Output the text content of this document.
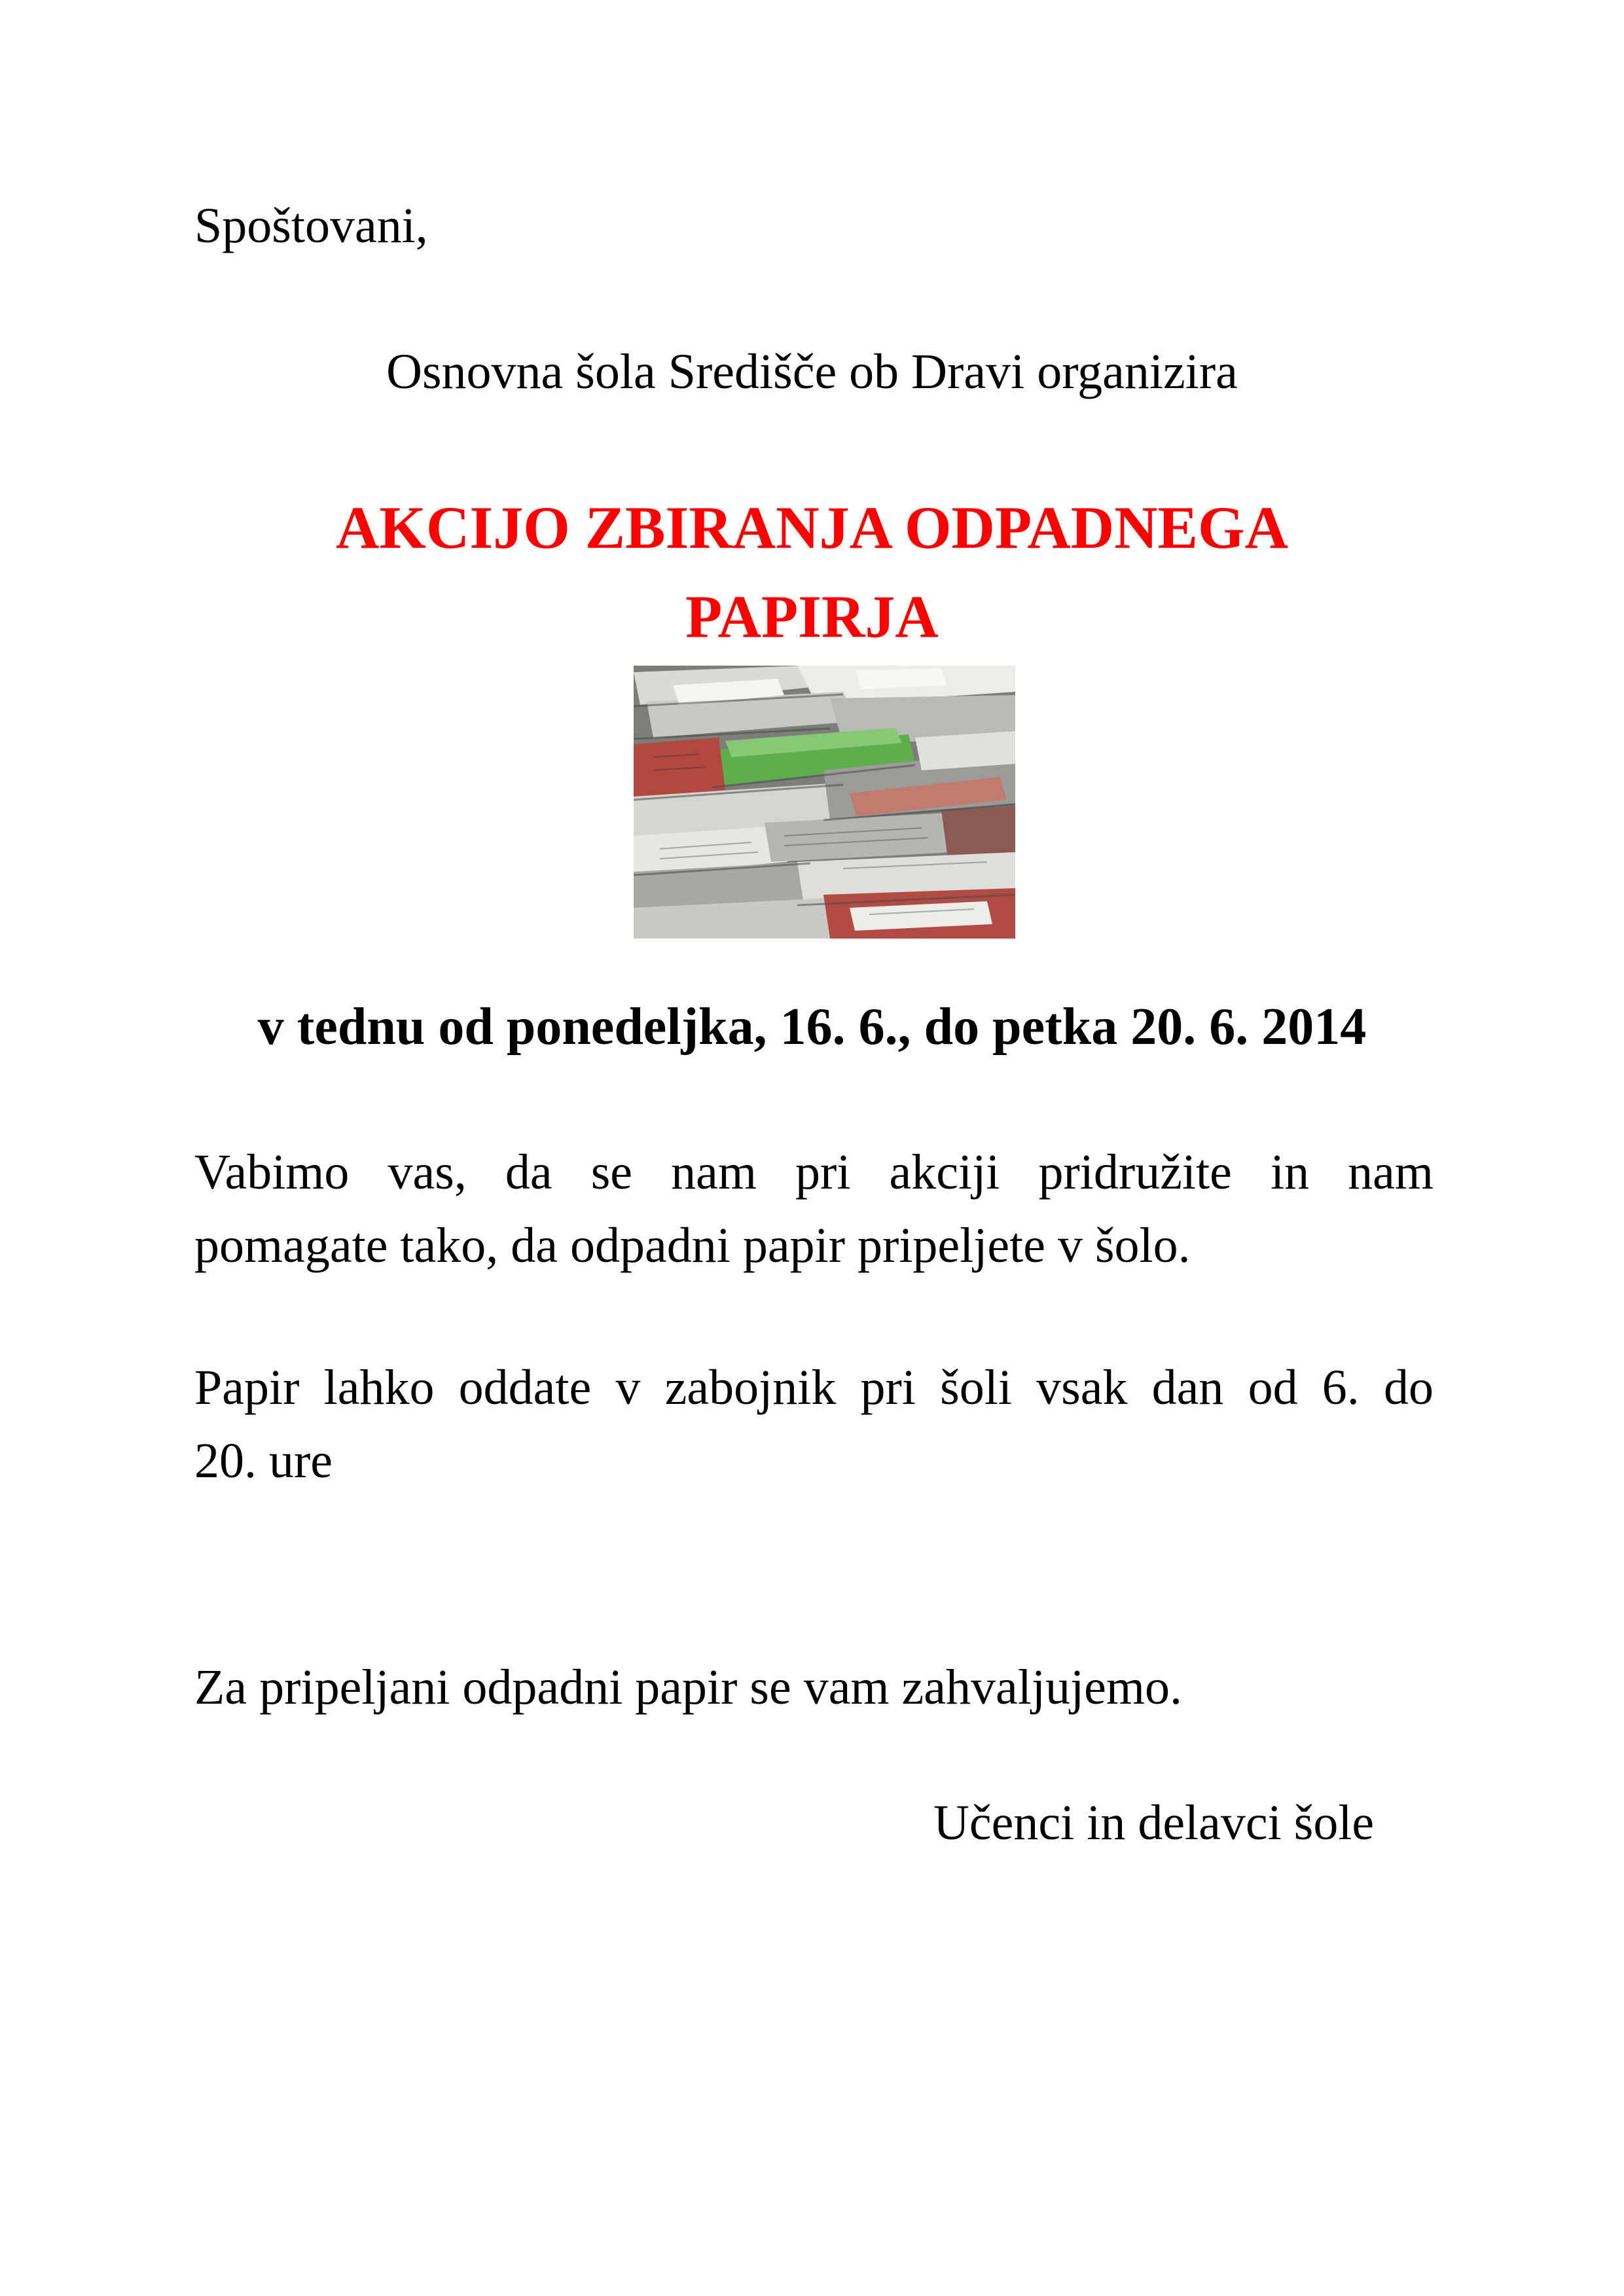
Spoštovani,

Osnovna šola Središče ob Dravi organizira

AKCIJO ZBIRANJA ODPADNEGA
PAPIRJA

v tednu od ponedeljka, 16. 6., do petka 20. 6. 2014

Vabimo vas, da se nam pri akciji pridružite in nam
pomagate tako, da odpadni papir pripeljete v šolo.
Papir lahko oddate v zabojnik pri šoli vsak dan od 6. do
20. ure

Za pripeljani odpadni papir se vam zahvaljujemo.

Učenci in delavci šole
